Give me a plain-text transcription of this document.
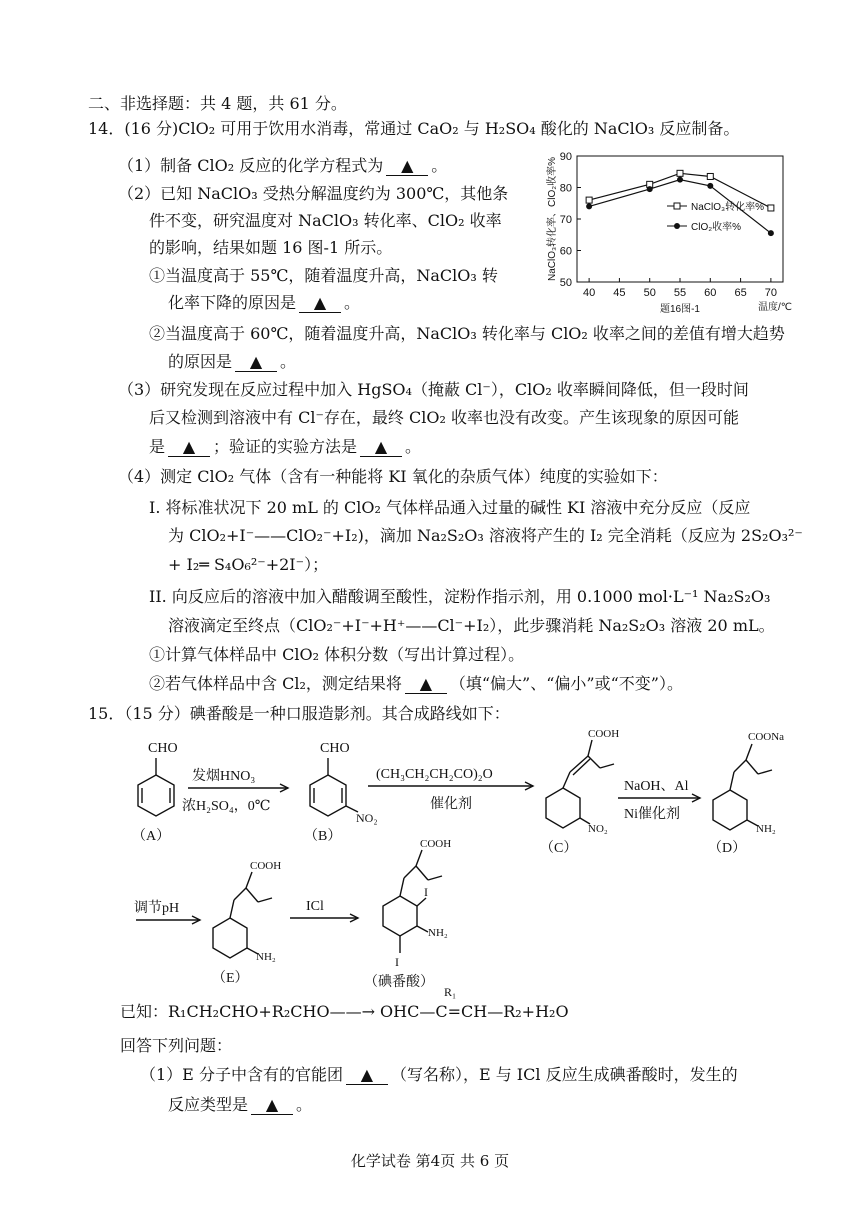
二、非选择题：共 4 题，共 61 分。
14．(16 分)ClO₂ 可用于饮用水消毒，常通过 CaO₂ 与 H₂SO₄ 酸化的 NaClO₃ 反应制备。
（1）制备 ClO₂ 反应的化学方程式为 ▲ 。
（2）已知 NaClO₃ 受热分解温度约为 300℃，其他条
件不变，研究温度对 NaClO₃ 转化率、ClO₂ 收率
的影响，结果如题 16 图-1 所示。
①当温度高于 55℃，随着温度升高，NaClO₃ 转
化率下降的原因是 ▲ 。
②当温度高于 60℃，随着温度升高，NaClO₃ 转化率与 ClO₂ 收率之间的差值有增大趋势
的原因是 ▲ 。
（3）研究发现在反应过程中加入 HgSO₄（掩蔽 Cl⁻），ClO₂ 收率瞬间降低，但一段时间
后又检测到溶液中有 Cl⁻存在，最终 ClO₂ 收率也没有改变。产生该现象的原因可能
是 ▲ ；验证的实验方法是 ▲ 。
（4）测定 ClO₂ 气体（含有一种能将 KI 氧化的杂质气体）纯度的实验如下：
I. 将标准状况下 20 mL 的 ClO₂ 气体样品通入过量的碱性 KI 溶液中充分反应（反应
为 ClO₂+I⁻——ClO₂⁻+I₂)，滴加 Na₂S₂O₃ 溶液将产生的 I₂ 完全消耗（反应为 2S₂O₃²⁻
+ I₂═ S₄O₆²⁻+2I⁻）；
II. 向反应后的溶液中加入醋酸调至酸性，淀粉作指示剂，用 0.1000 mol·L⁻¹ Na₂S₂O₃
溶液滴定至终点（ClO₂⁻+I⁻+H⁺——Cl⁻+I₂），此步骤消耗 Na₂S₂O₃ 溶液 20 mL。
①计算气体样品中 ClO₂ 体积分数（写出计算过程）。
②若气体样品中含 Cl₂，测定结果将 ▲ （填“偏大”、“偏小”或“不变”）。
50
60
70
80
90
40 45 50 55 60 65 70
NaClO₃转化率、ClO₂收率%
温度/℃
题16图-1
NaClO₃转化率%
ClO₂收率%
15．（15 分）碘番酸是一种口服造影剂。其合成路线如下：
CHO	CHO
NO₂
COOH
NO₂
COONa
NH₂
COOH
NH₂
COOH
I
NH₂
I
（A）	（B）
（C）	（D）
（E）	（碘番酸）
发烟HNO₃
浓H₂SO₄，0℃
(CH₃CH₂CH₂CO)₂O
催化剂
NaOH、Al
Ni催化剂
调节pH	ICl
R₁
已知：R₁CH₂CHO+R₂CHO——→ OHC—C=CH—R₂+H₂O
回答下列问题：
（1）E 分子中含有的官能团 ▲ （写名称），E 与 ICl 反应生成碘番酸时，发生的
反应类型是 ▲ 。
化学试卷 第4页 共 6 页
